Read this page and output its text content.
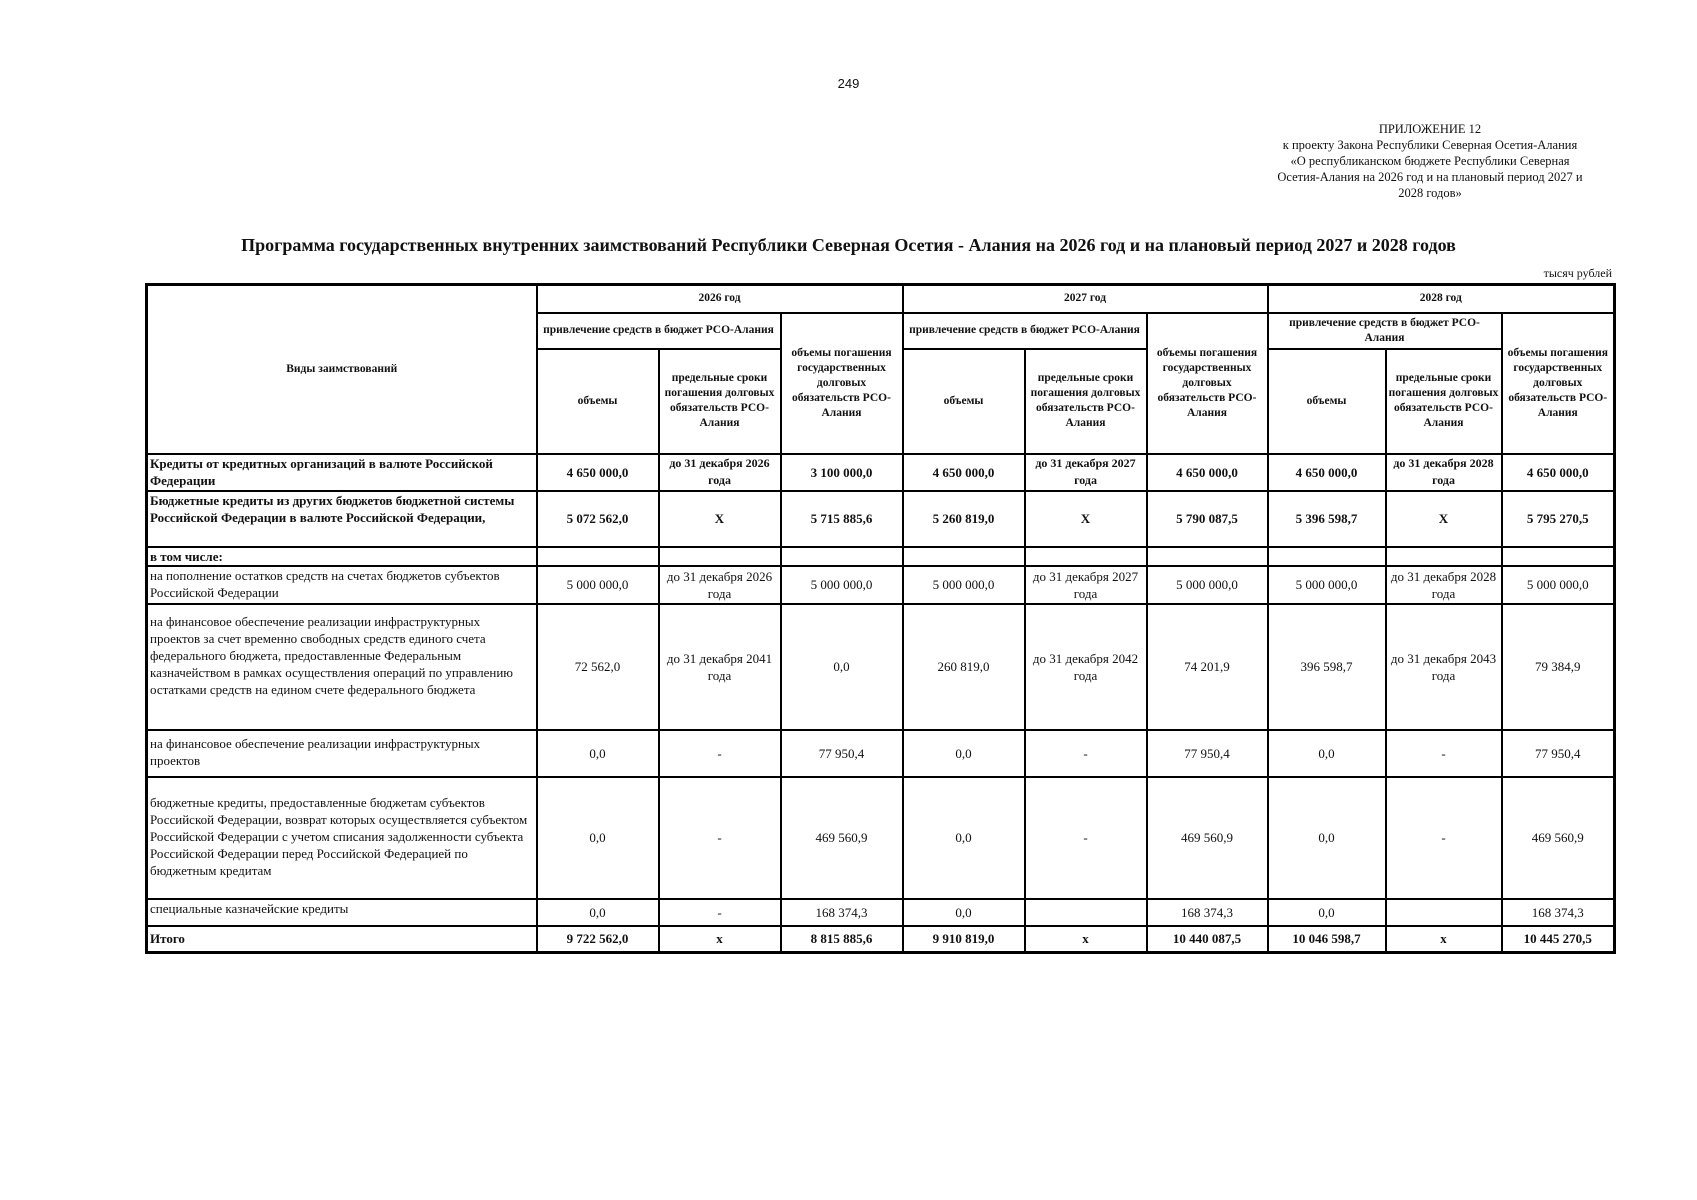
249
ПРИЛОЖЕНИЕ 12
к проекту Закона Республики Северная Осетия-Алания
«О республиканском бюджете Республики Северная
Осетия-Алания на 2026 год и на плановый период 2027 и
2028 годов»
Программа государственных внутренних заимствований Республики Северная Осетия - Алания на 2026 год и на плановый период 2027 и 2028 годов
тысяч рублей
Виды заимствований	2026 год			2027 год			2028 год		
	привлечение средств в бюджет РСО-Алания		объемы погашения государственных долговых обязательств РСО-Алания	привлечение средств в бюджет РСО-Алания		объемы погашения государственных долговых обязательств РСО-Алания	привлечение средств в бюджет РСО-Алания		объемы погашения государственных долговых обязательств РСО-Алания
	объемы	предельные сроки погашения долговых обязательств РСО-Алания		объемы	предельные сроки погашения долговых обязательств РСО-Алания		объемы	предельные сроки погашения долговых обязательств РСО-Алания	
Кредиты от кредитных организаций в валюте Российской Федерации	4 650 000,0	до 31 декабря 2026 года	3 100 000,0	4 650 000,0	до 31 декабря 2027 года	4 650 000,0	4 650 000,0	до 31 декабря 2028 года	4 650 000,0
Бюджетные кредиты из других бюджетов бюджетной системы Российской Федерации в валюте Российской Федерации,	5 072 562,0	Х	5 715 885,6	5 260 819,0	Х	5 790 087,5	5 396 598,7	Х	5 795 270,5
в том числе:									
на пополнение остатков средств на счетах бюджетов субъектов Российской Федерации	5 000 000,0	до 31 декабря 2026 года	5 000 000,0	5 000 000,0	до 31 декабря 2027 года	5 000 000,0	5 000 000,0	до 31 декабря 2028 года	5 000 000,0
на финансовое обеспечение реализации инфраструктурных проектов за счет временно свободных средств единого счета федерального бюджета, предоставленные Федеральным казначейством в рамках осуществления операций по управлению остатками средств на едином счете федерального бюджета	72 562,0	до 31 декабря 2041 года	0,0	260 819,0	до 31 декабря 2042 года	74 201,9	396 598,7	до 31 декабря 2043 года	79 384,9
на финансовое обеспечение реализации инфраструктурных проектов	0,0	-	77 950,4	0,0	-	77 950,4	0,0	-	77 950,4
бюджетные кредиты, предоставленные бюджетам субъектов Российской Федерации, возврат которых осуществляется субъектом Российской Федерации с учетом списания задолженности субъекта Российской Федерации перед Российской Федерацией по бюджетным кредитам	0,0	-	469 560,9	0,0	-	469 560,9	0,0	-	469 560,9
специальные казначейские кредиты	0,0	-	168 374,3	0,0		168 374,3	0,0		168 374,3
Итого	9 722 562,0	х	8 815 885,6	9 910 819,0	х	10 440 087,5	10 046 598,7	х	10 445 270,5
